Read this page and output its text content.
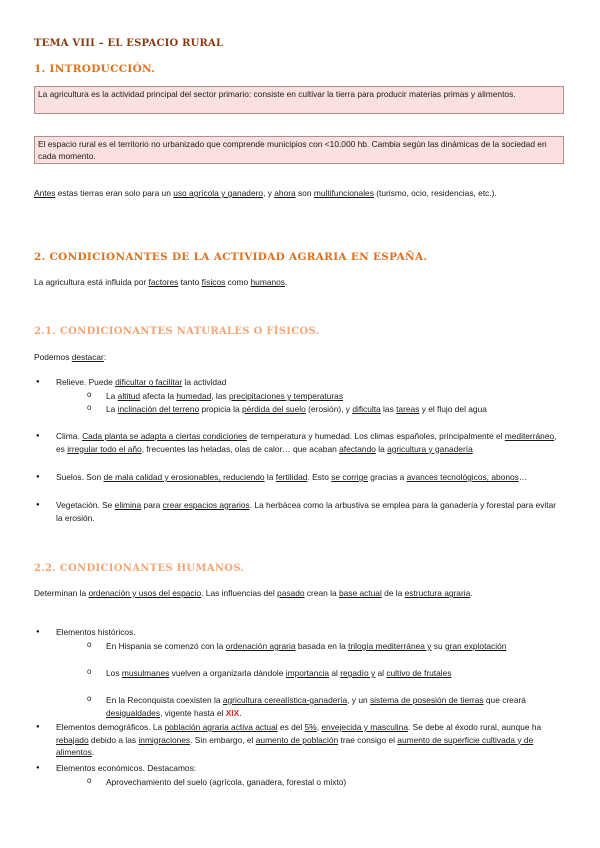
TEMA VIII – EL ESPACIO RURAL
1. INTRODUCCIÓN.
La agricultura es la actividad principal del sector primario: consiste en cultivar la tierra para producir materias primas y alimentos.
El espacio rural es el territorio no urbanizado que comprende municipios con <10.000 hb. Cambia según las dinámicas de la sociedad en cada momento.
Antes estas tierras eran solo para un uso agrícola y ganadero, y ahora son multifuncionales (turismo, ocio, residencias, etc.).
2. CONDICIONANTES DE LA ACTIVIDAD AGRARIA EN ESPAÑA.
La agricultura está influida por factores tanto físicos como humanos.
2.1. CONDICIONANTES NATURALES O FÍSICOS.
Podemos destacar:
● Relieve. Puede dificultar o facilitar la actividad
o La altitud afecta la humedad, las precipitaciones y temperaturas
o La inclinación del terreno propicia la pérdida del suelo (erosión), y dificulta las tareas y el flujo del agua
● Clima. Cada planta se adapta a ciertas condiciones de temperatura y humedad. Los climas españoles, principalmente el mediterráneo, es irregular todo el año, frecuentes las heladas, olas de calor… que acaban afectando la agricultura y ganadería
● Suelos. Son de mala calidad y erosionables, reduciendo la fertilidad. Esto se corrige gracias a avances tecnológicos, abonos…
● Vegetación. Se elimina para crear espacios agrarios. La herbácea como la arbustiva se emplea para la ganadería y forestal para evitar la erosión.
2.2. CONDICIONANTES HUMANOS.
Determinan la ordenación y usos del espacio. Las influencias del pasado crean la base actual de la estructura agraria.
● Elementos históricos.
o En Hispania se comenzó con la ordenación agraria basada en la trilogía mediterránea y su gran explotación
o Los musulmanes vuelven a organizarla dándole importancia al regadío y al cultivo de frutales
o En la Reconquista coexisten la agricultura cerealística-ganadería, y un sistema de posesión de tierras que creará desigualdades, vigente hasta el XIX.
● Elementos demográficos. La población agraria activa actual es del 5%, envejecida y masculina. Se debe al éxodo rural, aunque ha rebajado debido a las inmigraciones. Sin embargo, el aumento de población trae consigo el aumento de superficie cultivada y de alimentos.
● Elementos económicos. Destacamos:
o Aprovechamiento del suelo (agrícola, ganadera, forestal o mixto)
